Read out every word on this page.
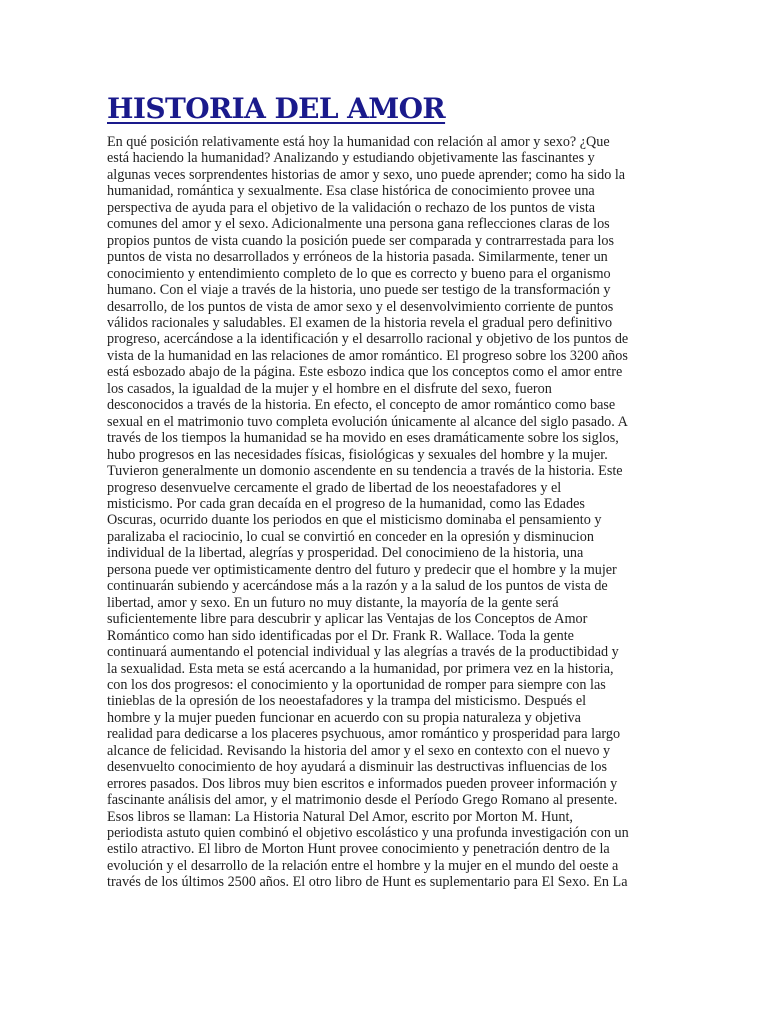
HISTORIA DEL AMOR
En qué posición relativamente está hoy la humanidad con relación al amor y sexo? ¿Que
está haciendo la humanidad? Analizando y estudiando objetivamente las fascinantes y
algunas veces sorprendentes historias de amor y sexo, uno puede aprender; como ha sido la
humanidad, romántica y sexualmente. Esa clase histórica de conocimiento provee una
perspectiva de ayuda para el objetivo de la validación o rechazo de los puntos de vista
comunes del amor y el sexo. Adicionalmente una persona gana reflecciones claras de los
propios puntos de vista cuando la posición puede ser comparada y contrarrestada para los
puntos de vista no desarrollados y erróneos de la historia pasada. Similarmente, tener un
conocimiento y entendimiento completo de lo que es correcto y bueno para el organismo
humano. Con el viaje a través de la historia, uno puede ser testigo de la transformación y
desarrollo, de los puntos de vista de amor sexo y el desenvolvimiento corriente de puntos
válidos racionales y saludables. El examen de la historia revela el gradual pero definitivo
progreso, acercándose a la identificación y el desarrollo racional y objetivo de los puntos de
vista de la humanidad en las relaciones de amor romántico. El progreso sobre los 3200 años
está esbozado abajo de la página. Este esbozo indica que los conceptos como el amor entre
los casados, la igualdad de la mujer y el hombre en el disfrute del sexo, fueron
desconocidos a través de la historia. En efecto, el concepto de amor romántico como base
sexual en el matrimonio tuvo completa evolución únicamente al alcance del siglo pasado. A
través de los tiempos la humanidad se ha movido en eses dramáticamente sobre los siglos,
hubo progresos en las necesidades físicas, fisiológicas y sexuales del hombre y la mujer.
Tuvieron generalmente un domonio ascendente en su tendencia a través de la historia. Este
progreso desenvuelve cercamente el grado de libertad de los neoestafadores y el
misticismo. Por cada gran decaída en el progreso de la humanidad, como las Edades
Oscuras, ocurrido duante los periodos en que el misticismo dominaba el pensamiento y
paralizaba el raciocinio, lo cual se convirtió en conceder en la opresión y disminucion
individual de la libertad, alegrías y prosperidad. Del conocimieno de la historia, una
persona puede ver optimisticamente dentro del futuro y predecir que el hombre y la mujer
continuarán subiendo y acercándose más a la razón y a la salud de los puntos de vista de
libertad, amor y sexo. En un futuro no muy distante, la mayoría de la gente será
suficientemente libre para descubrir y aplicar las Ventajas de los Conceptos de Amor
Romántico como han sido identificadas por el Dr. Frank R. Wallace. Toda la gente
continuará aumentando el potencial individual y las alegrías a través de la productibidad y
la sexualidad. Esta meta se está acercando a la humanidad, por primera vez en la historia,
con los dos progresos: el conocimiento y la oportunidad de romper para siempre con las
tinieblas de la opresión de los neoestafadores y la trampa del misticismo. Después el
hombre y la mujer pueden funcionar en acuerdo con su propia naturaleza y objetiva
realidad para dedicarse a los placeres psychuous, amor romántico y prosperidad para largo
alcance de felicidad. Revisando la historia del amor y el sexo en contexto con el nuevo y
desenvuelto conocimiento de hoy ayudará a disminuir las destructivas influencias de los
errores pasados. Dos libros muy bien escritos e informados pueden proveer información y
fascinante análisis del amor, y el matrimonio desde el Período Grego Romano al presente.
Esos libros se llaman: La Historia Natural Del Amor, escrito por Morton M. Hunt,
periodista astuto quien combinó el objetivo escolástico y una profunda investigación con un
estilo atractivo. El libro de Morton Hunt provee conocimiento y penetración dentro de la
evolución y el desarrollo de la relación entre el hombre y la mujer en el mundo del oeste a
través de los últimos 2500 años. El otro libro de Hunt es suplementario para El Sexo. En La
